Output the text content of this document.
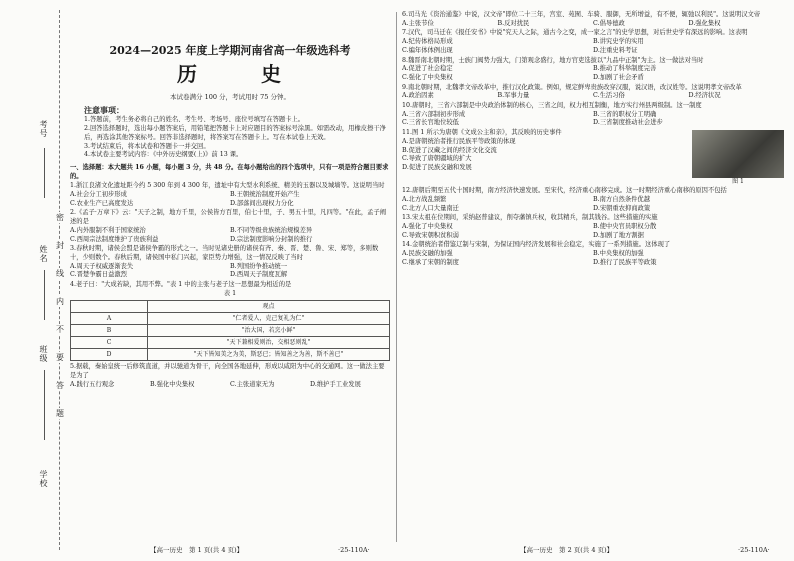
考号
姓名
班级
学校
密
封
线
内
不
要
答
题
2024—2025 年度上学期河南省高一年级选科考
历　史
本试卷满分 100 分，考试用时 75 分钟。
注意事项：

1.答题前，考生务必将自己的姓名、考生号、考场号、座位号填写在答题卡上。

2.回答选择题时，选出每小题答案后，用铅笔把答题卡上对应题目的答案标号涂黑。如需改动，用橡皮擦干净后，再选涂其他答案标号。回答非选择题时，将答案写在答题卡上。写在本试卷上无效。

3.考试结束后，将本试卷和答题卡一并交回。

4.本试卷主要考试内容：《中外历史纲要(上)》前 13 课。

一、选择题：本大题共 16 小题，每小题 3 分，共 48 分。在每小题给出的四个选项中，只有一项是符合题目要求的。

1.浙江良渚文化遗址距今约 5 300 年到 4 300 年，遗址中有大型水利系统、精美的玉器以及城墙等。这说明当时

A.社会分工初步形成	B.王朝统治制度开始产生
C.农业生产已高度发达	D.部落间出现权力分化

2.《孟子·万章下》云："天子之制，地方千里，公侯皆方百里，伯七十里，子、男五十里，凡四等。"在此，孟子阐述的是

A.内外服制不利于国家统治	B.不同等级贵族统治规模差异
C.西周宗法制度维护了贵族利益	D.宗法制度影响分封制的推行

3.春秋时期，诸侯会盟是诸侯争霸的形式之一。当时见诸史册的诸侯有齐、秦、晋、楚、鲁、宋、郑等，多则数十，少则数个。春秋后期，诸侯国中私门兴起，家臣势力增强，这一情况反映了当时

A.周天子权威逐渐丧失	B.列国纷争推动统一
C.晋楚争霸日益激烈	D.西周天子制度瓦解

4.老子曰："大成若缺，其用不弊。"表 1 中的主张与老子这一思想最为相近的是

表 1
	观点
A	"仁者爱人，克己复礼为仁"
B	"治大国，若烹小鲜"
C	"天下兼相爱则治，交相恶则乱"
D	"天下皆知美之为美，斯恶已；皆知善之为善，斯不善已"

5.据载，秦始皇统一后修筑直道，并以驰道为骨干，向全国各地延伸，形成以咸阳为中心的交通网。这一做法主要是为了

A.践行五行观念	B.强化中央集权	C.主张道家无为	D.维护手工业发展
【高一历史　第 1 页(共 4 页)】	·25-110A·

6.司马光《资治通鉴》中说，汉文帝"即位二十三年，宫室、苑囿、车骑、服御，无所增益，有不便，辄弛以利民"。这说明汉文帝

A.主张节俭	B.反对扰民	C.倡导德政	D.强化集权

7.汉代，司马迁在《报任安书》中说"究天人之际，通古今之变，成一家之言"的史学思想，对后世史学有深远的影响。这表明

A.纪传体格局形成	B.讲究史学的实用
C.编年体体例出现	D.注重史料考证

8.魏晋南北朝时期，士族门阀势力强大，门第观念盛行，地方官吏选拔以"九品中正制"为主。这一做法对当时

A.促进了社会稳定	B.推动了科举制度完善
C.强化了中央集权	D.加剧了社会矛盾

9.南北朝时期，北魏孝文帝改革中，推行汉化政策。例如，规定鲜卑贵族改穿汉服，说汉语，改汉姓等。这说明孝文帝改革

A.政治因素	B.军事力量	C.生活习俗	D.经济状况

10.唐朝时，三省六部制是中央政治体制的核心，三省之间，权力相互制衡，地方实行州县两级制。这一制度

A.三省六部制初步形成	B.三省的职权分工明确
C.三省长官地位较低	D.三省制度推动社会进步
图 1

11.图 1 所示为唐朝《文成公主和亲》，其反映的历史事件

A.是唐朝统治者推行民族平等政策的体现

B.促进了汉藏之间的经济文化交流

C.导致了唐朝疆域的扩大

D.促进了民族交融和发展

12.唐朝后期至五代十国时期，南方经济快速发展。至宋代，经济重心南移完成。这一时期经济重心南移的原因不包括

A.北方战乱频繁	B.南方自然条件优越
C.北方人口大量南迁	D.宋朝重农抑商政策

13.宋太祖在位期间，采纳赵普建议，削夺藩镇兵权，收其精兵，制其钱谷。这些措施的实施

A.强化了中央集权	B.使中央官员职权分散
C.导致宋朝积贫积弱	D.加剧了地方割据

14.金朝统治者借鉴辽制与宋制，为保证国内经济发展和社会稳定，实施了一系列措施。这体现了

A.民族交融的加强	B.中央集权的加强
C.继承了宋朝的制度	D.推行了民族平等政策
【高一历史　第 2 页(共 4 页)】	·25-110A·
